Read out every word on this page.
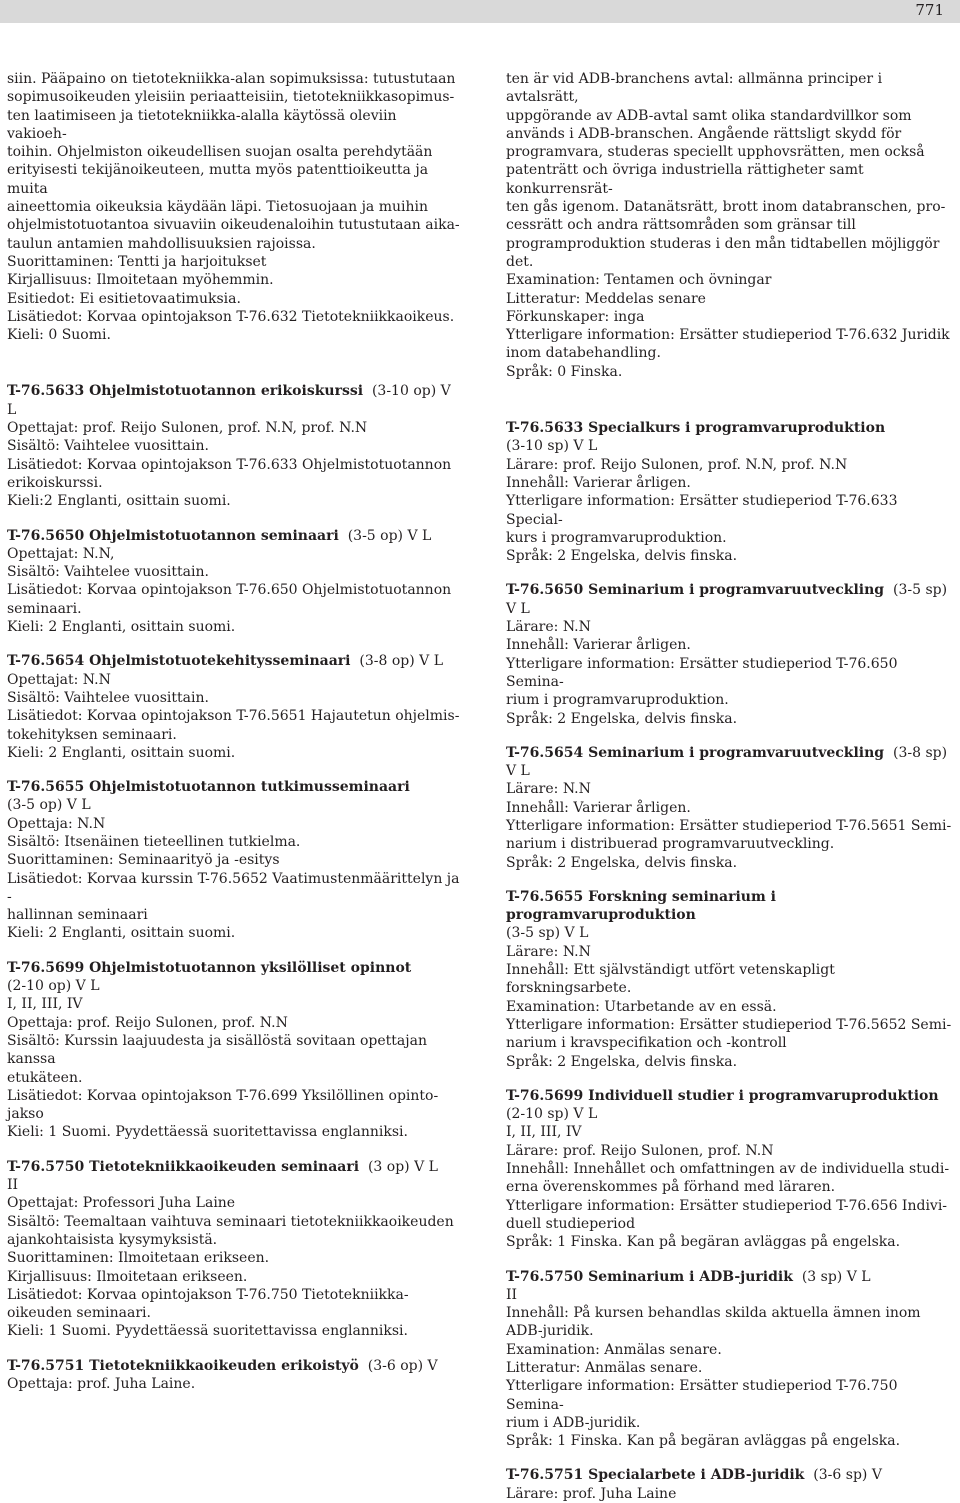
771
siin. Pääpaino on tietotekniikka-alan sopimuksissa: tutustutaan
sopimusoikeuden yleisiin periaatteisiin, tietotekniikkasopimus-
ten laatimiseen ja tietotekniikka-alalla käytössä oleviin vakioeh-
toihin. Ohjelmiston oikeudellisen suojan osalta perehdytään
erityisesti tekijänoikeuteen, mutta myös patenttioikeutta ja muita
aineettomia oikeuksia käydään läpi. Tietosuojaan ja muihin
ohjelmistotuotantoa sivuaviin oikeudenaloihin tutustutaan aika-
taulun antamien mahdollisuuksien rajoissa.
Suorittaminen: Tentti ja harjoitukset
Kirjallisuus: Ilmoitetaan myöhemmin.
Esitiedot: Ei esitietovaatimuksia.
Lisätiedot: Korvaa opintojakson T-76.632 Tietotekniikkaoikeus.
Kieli: 0 Suomi.
T-76.5633 Ohjelmistotuotannon erikoiskurssi (3-10 op) V L
Opettajat: prof. Reijo Sulonen, prof. N.N, prof. N.N
Sisältö: Vaihtelee vuosittain.
Lisätiedot: Korvaa opintojakson T-76.633 Ohjelmistotuotannon
erikoiskurssi.
Kieli:2 Englanti, osittain suomi.
T-76.5650 Ohjelmistotuotannon seminaari (3-5 op) V L
Opettajat: N.N,
Sisältö: Vaihtelee vuosittain.
Lisätiedot: Korvaa opintojakson T-76.650 Ohjelmistotuotannon
seminaari.
Kieli: 2 Englanti, osittain suomi.
T-76.5654 Ohjelmistotuotekehitysseminaari (3-8 op) V L
Opettajat: N.N
Sisältö: Vaihtelee vuosittain.
Lisätiedot: Korvaa opintojakson T-76.5651 Hajautetun ohjelmis-
tokehityksen seminaari.
Kieli: 2 Englanti, osittain suomi.
T-76.5655 Ohjelmistotuotannon tutkimusseminaari
(3-5 op) V L
Opettaja: N.N
Sisältö: Itsenäinen tieteellinen tutkielma.
Suorittaminen: Seminaarityö ja -esitys
Lisätiedot: Korvaa kurssin T-76.5652 Vaatimustenmäärittelyn ja -
hallinnan seminaari
Kieli: 2 Englanti, osittain suomi.
T-76.5699 Ohjelmistotuotannon yksilölliset opinnot
(2-10 op) V L
I, II, III, IV
Opettaja: prof. Reijo Sulonen, prof. N.N
Sisältö: Kurssin laajuudesta ja sisällöstä sovitaan opettajan kanssa
etukäteen.
Lisätiedot: Korvaa opintojakson T-76.699 Yksilöllinen opinto-
jakso
Kieli: 1 Suomi. Pyydettäessä suoritettavissa englanniksi.
T-76.5750 Tietotekniikkaoikeuden seminaari (3 op) V L
II
Opettajat: Professori Juha Laine
Sisältö: Teemaltaan vaihtuva seminaari tietotekniikkaoikeuden
ajankohtaisista kysymyksistä.
Suorittaminen: Ilmoitetaan erikseen.
Kirjallisuus: Ilmoitetaan erikseen.
Lisätiedot: Korvaa opintojakson T-76.750 Tietotekniikka-
oikeuden seminaari.
Kieli: 1 Suomi. Pyydettäessä suoritettavissa englanniksi.
T-76.5751 Tietotekniikkaoikeuden erikoistyö (3-6 op) V
Opettaja: prof. Juha Laine.
ten är vid ADB-branchens avtal: allmänna principer i avtalsrätt,
uppgörande av ADB-avtal samt olika standardvillkor som
används i ADB-branschen. Angående rättsligt skydd för
programvara, studeras speciellt upphovsrätten, men också
patenträtt och övriga industriella rättigheter samt konkurrensrät-
ten gås igenom. Datanätsrätt, brott inom databranschen, pro-
cessrätt och andra rättsområden som gränsar till
programproduktion studeras i den mån tidtabellen möjliggör
det.
Examination: Tentamen och övningar
Litteratur: Meddelas senare
Förkunskaper: inga
Ytterligare information: Ersätter studieperiod T-76.632 Juridik
inom databehandling.
Språk: 0 Finska.
T-76.5633 Specialkurs i programvaruproduktion
(3-10 sp) V L
Lärare: prof. Reijo Sulonen, prof. N.N, prof. N.N
Innehåll: Varierar årligen.
Ytterligare information: Ersätter studieperiod T-76.633 Special-
kurs i programvaruproduktion.
Språk: 2 Engelska, delvis finska.
T-76.5650 Seminarium i programvaruutveckling (3-5 sp) V L
Lärare: N.N
Innehåll: Varierar årligen.
Ytterligare information: Ersätter studieperiod T-76.650 Semina-
rium i programvaruproduktion.
Språk: 2 Engelska, delvis finska.
T-76.5654 Seminarium i programvaruutveckling (3-8 sp) V L
Lärare: N.N
Innehåll: Varierar årligen.
Ytterligare information: Ersätter studieperiod T-76.5651 Semi-
narium i distribuerad programvaruutveckling.
Språk: 2 Engelska, delvis finska.
T-76.5655 Forskning seminarium i programvaruproduktion
(3-5 sp) V L
Lärare: N.N
Innehåll: Ett självständigt utfört vetenskapligt forskningsarbete.
Examination: Utarbetande av en essä.
Ytterligare information: Ersätter studieperiod T-76.5652 Semi-
narium i kravspecifikation och -kontroll
Språk: 2 Engelska, delvis finska.
T-76.5699 Individuell studier i programvaruproduktion
(2-10 sp) V L
I, II, III, IV
Lärare: prof. Reijo Sulonen, prof. N.N
Innehåll: Innehållet och omfattningen av de individuella studi-
erna överenskommes på förhand med läraren.
Ytterligare information: Ersätter studieperiod T-76.656 Indivi-
duell studieperiod
Språk: 1 Finska. Kan på begäran avläggas på engelska.
T-76.5750 Seminarium i ADB-juridik (3 sp) V L
II
Innehåll: På kursen behandlas skilda aktuella ämnen inom
ADB-juridik.
Examination: Anmälas senare.
Litteratur: Anmälas senare.
Ytterligare information: Ersätter studieperiod T-76.750 Semina-
rium i ADB-juridik.
Språk: 1 Finska. Kan på begäran avläggas på engelska.
T-76.5751 Specialarbete i ADB-juridik (3-6 sp) V
Lärare: prof. Juha Laine
